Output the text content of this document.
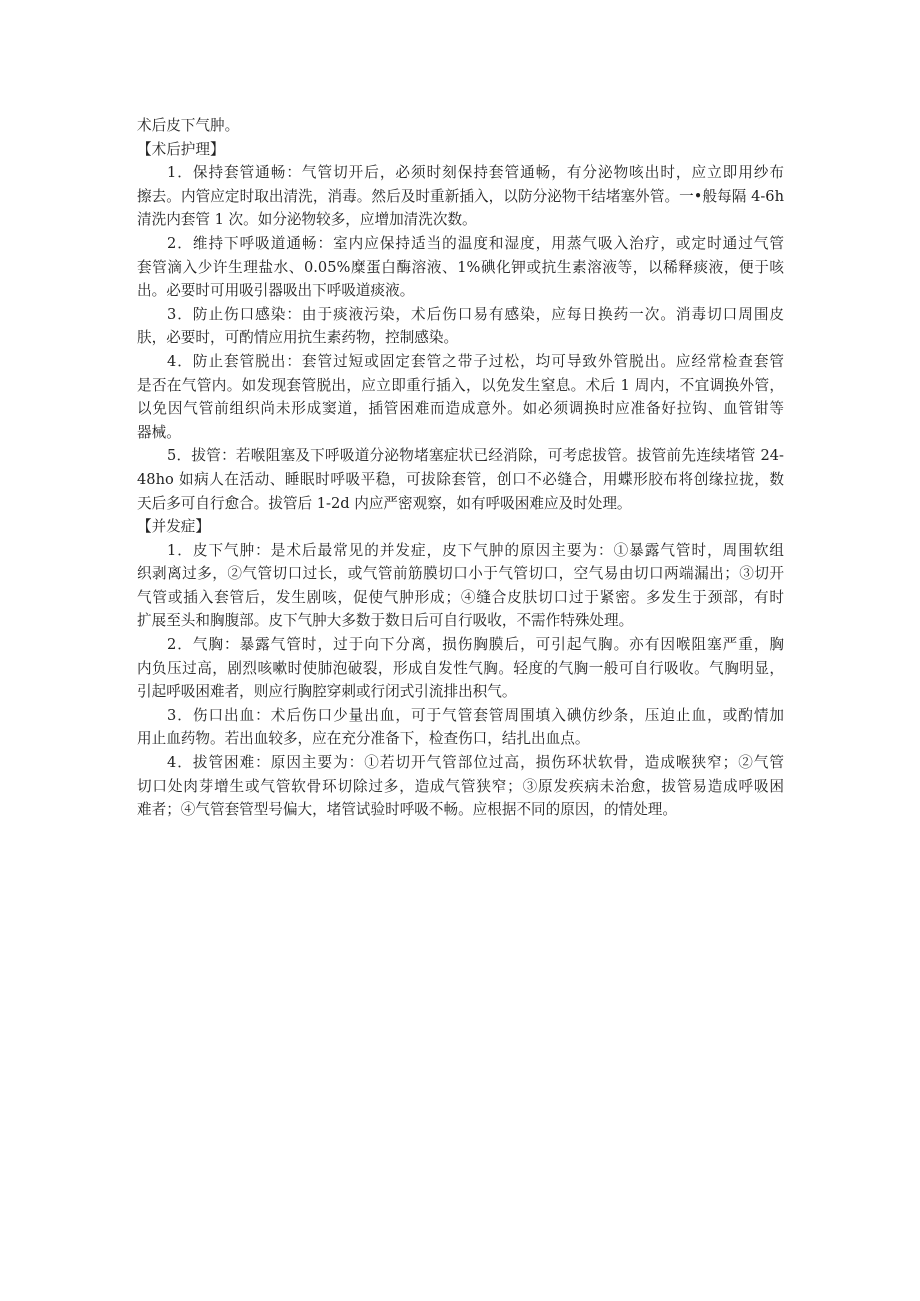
术后皮下气肿。
【术后护理】
1．保持套管通畅：气管切开后，必须时刻保持套管通畅，有分泌物咳出时，应立即用纱布
擦去。内管应定时取出清洗，消毒。然后及时重新插入，以防分泌物干结堵塞外管。一•般每隔 4-6h
清洗内套管 1 次。如分泌物较多，应增加清洗次数。
2．维持下呼吸道通畅：室内应保持适当的温度和湿度，用蒸气吸入治疗，或定时通过气管
套管滴入少许生理盐水、0.05%糜蛋白酶溶液、1%碘化钾或抗生素溶液等，以稀释痰液，便于咳
出。必要时可用吸引器吸出下呼吸道痰液。
3．防止伤口感染：由于痰液污染，术后伤口易有感染，应每日换药一次。消毒切口周围皮
肤，必要时，可酌情应用抗生素药物，控制感染。
4．防止套管脱出：套管过短或固定套管之带子过松，均可导致外管脱出。应经常检查套管
是否在气管内。如发现套管脱出，应立即重行插入，以免发生窒息。术后 1 周内，不宜调换外管，
以免因气管前组织尚未形成窦道，插管困难而造成意外。如必须调换时应准备好拉钩、血管钳等
器械。
5．拔管：若喉阻塞及下呼吸道分泌物堵塞症状已经消除，可考虑拔管。拔管前先连续堵管 24-
48ho 如病人在活动、睡眠时呼吸平稳，可拔除套管，创口不必缝合，用蝶形胶布将创缘拉拢，数
天后多可自行愈合。拔管后 1-2d 内应严密观察，如有呼吸困难应及时处理。
【并发症】
1．皮下气肿：是术后最常见的并发症，皮下气肿的原因主要为：①暴露气管时，周围软组
织剥离过多，②气管切口过长，或气管前筋膜切口小于气管切口，空气易由切口两端漏出；③切开
气管或插入套管后，发生剧咳，促使气肿形成；④缝合皮肤切口过于紧密。多发生于颈部，有时
扩展至头和胸腹部。皮下气肿大多数于数日后可自行吸收，不需作特殊处理。
2．气胸：暴露气管时，过于向下分离，损伤胸膜后，可引起气胸。亦有因喉阻塞严重，胸
内负压过高，剧烈咳嗽时使肺泡破裂，形成自发性气胸。轻度的气胸一般可自行吸收。气胸明显，
引起呼吸困难者，则应行胸腔穿刺或行闭式引流排出积气。
3．伤口出血：术后伤口少量出血，可于气管套管周围填入碘仿纱条，压迫止血，或酌情加
用止血药物。若出血较多，应在充分准备下，检查伤口，结扎出血点。
4．拔管困难：原因主要为：①若切开气管部位过高，损伤环状软骨，造成喉狭窄；②气管
切口处肉芽增生或气管软骨环切除过多，造成气管狭窄；③原发疾病未治愈，拔管易造成呼吸困
难者；④气管套管型号偏大，堵管试验时呼吸不畅。应根据不同的原因，的情处理。
